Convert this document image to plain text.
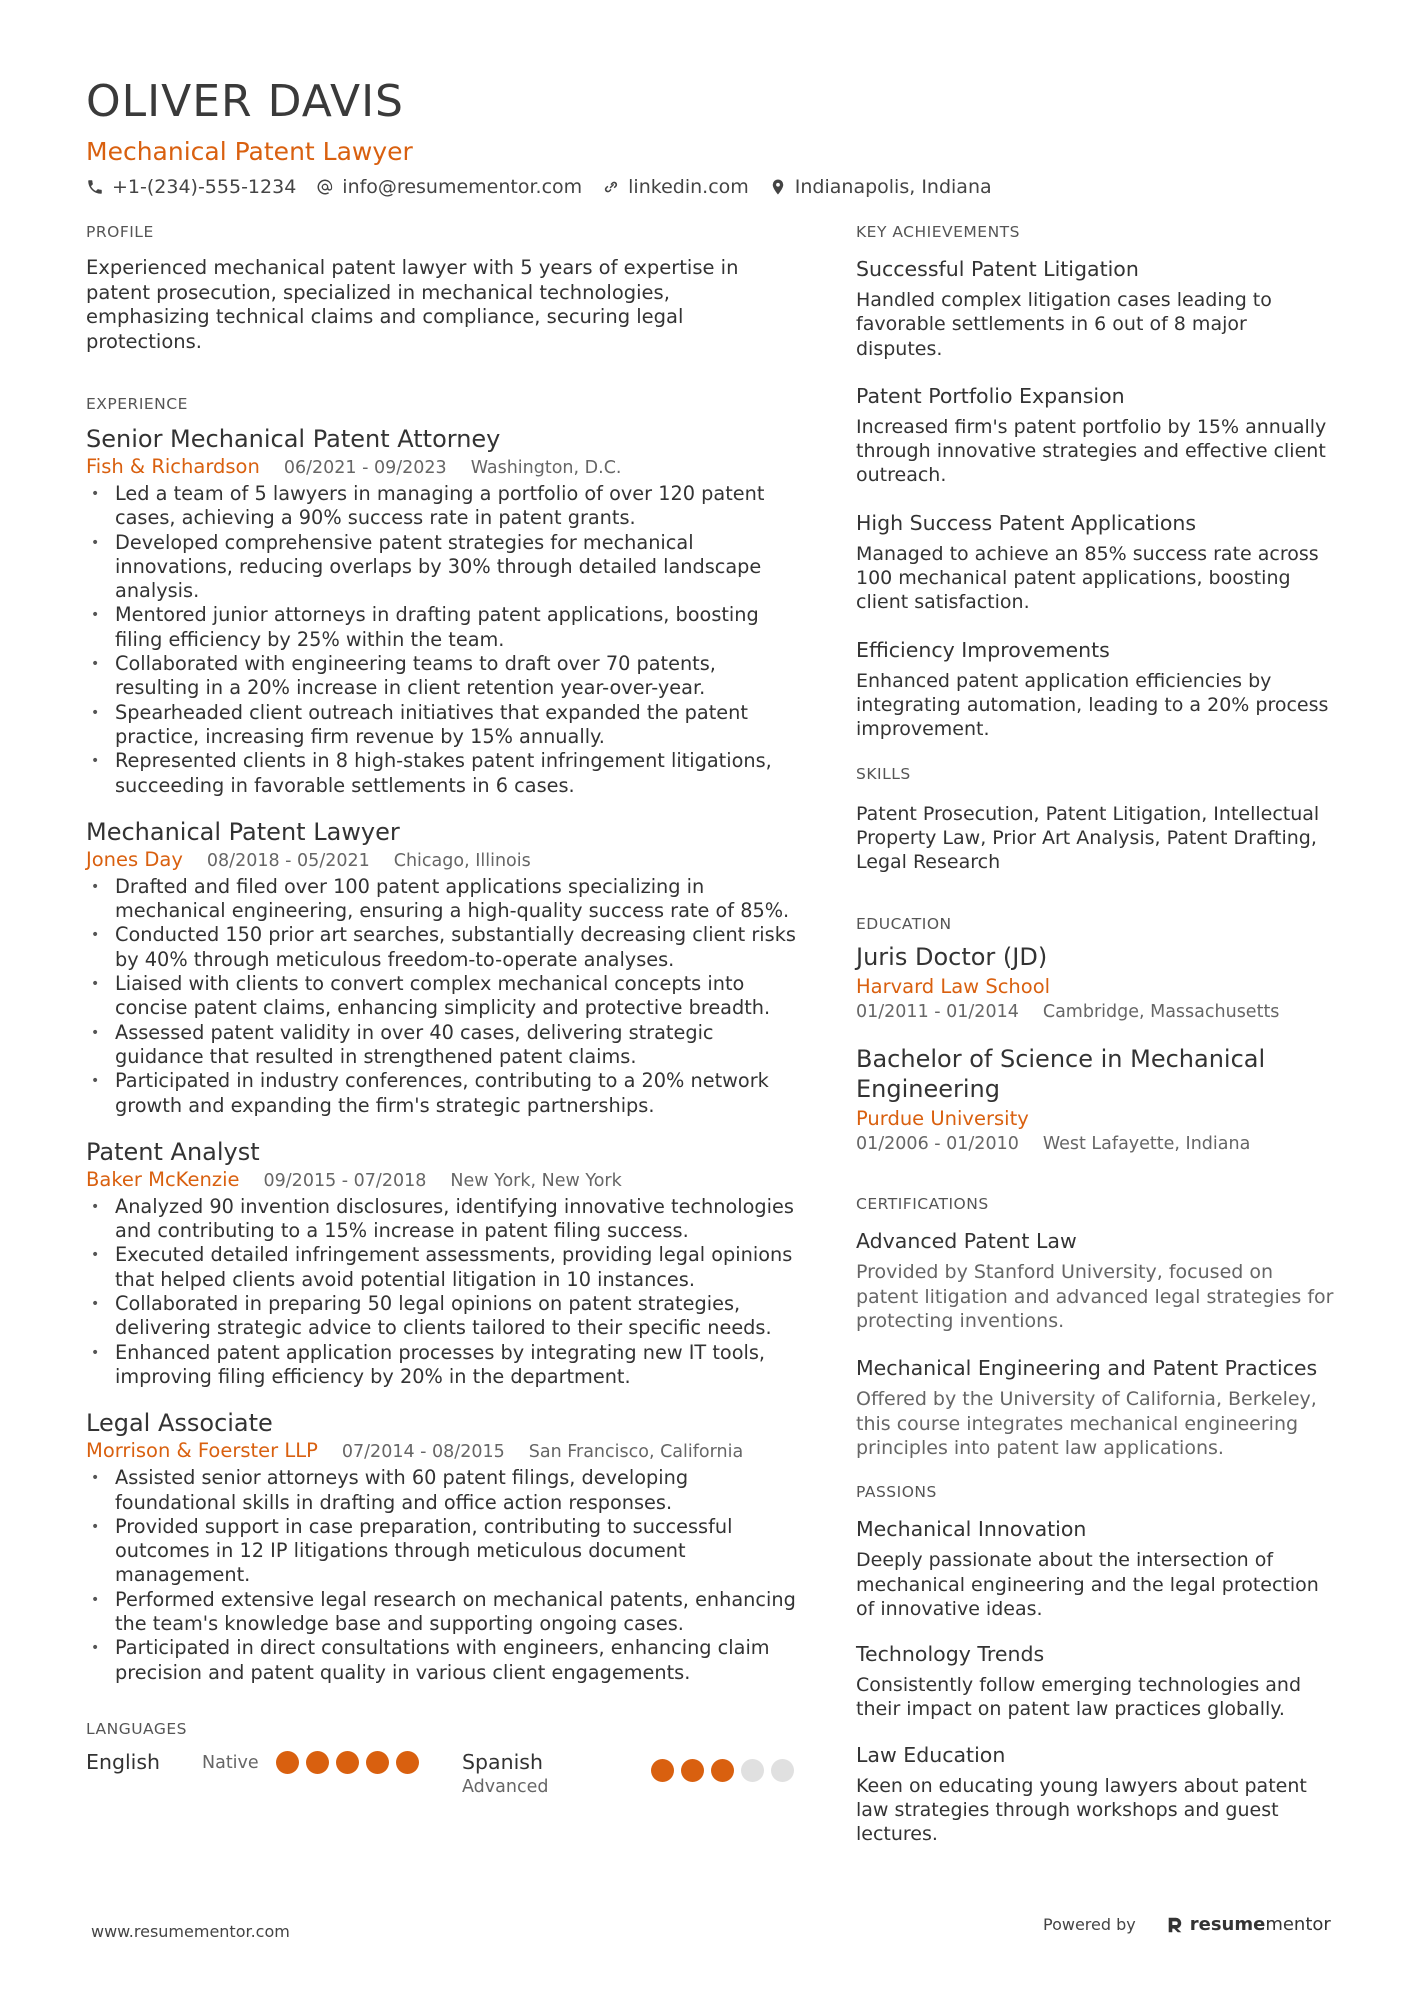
OLIVER DAVIS
Mechanical Patent Lawyer
+1-(234)-555-1234 info@resumementor.com linkedin.com Indianapolis, Indiana
PROFILE

Experienced mechanical patent lawyer with 5 years of expertise in patent prosecution, specialized in mechanical technologies, emphasizing technical claims and compliance, securing legal protections.

EXPERIENCE
Senior Mechanical Patent Attorney
Fish & Richardson 06/2021 - 09/2023 Washington, D.C.
• Led a team of 5 lawyers in managing a portfolio of over 120 patent cases, achieving a 90% success rate in patent grants.
• Developed comprehensive patent strategies for mechanical innovations, reducing overlaps by 30% through detailed landscape analysis.
• Mentored junior attorneys in drafting patent applications, boosting filing efficiency by 25% within the team.
• Collaborated with engineering teams to draft over 70 patents, resulting in a 20% increase in client retention year-over-year.
• Spearheaded client outreach initiatives that expanded the patent practice, increasing firm revenue by 15% annually.
• Represented clients in 8 high-stakes patent infringement litigations, succeeding in favorable settlements in 6 cases.
Mechanical Patent Lawyer
Jones Day 08/2018 - 05/2021 Chicago, Illinois
• Drafted and filed over 100 patent applications specializing in mechanical engineering, ensuring a high-quality success rate of 85%.
• Conducted 150 prior art searches, substantially decreasing client risks by 40% through meticulous freedom-to-operate analyses.
• Liaised with clients to convert complex mechanical concepts into concise patent claims, enhancing simplicity and protective breadth.
• Assessed patent validity in over 40 cases, delivering strategic guidance that resulted in strengthened patent claims.
• Participated in industry conferences, contributing to a 20% network growth and expanding the firm's strategic partnerships.
Patent Analyst
Baker McKenzie 09/2015 - 07/2018 New York, New York
• Analyzed 90 invention disclosures, identifying innovative technologies and contributing to a 15% increase in patent filing success.
• Executed detailed infringement assessments, providing legal opinions that helped clients avoid potential litigation in 10 instances.
• Collaborated in preparing 50 legal opinions on patent strategies, delivering strategic advice to clients tailored to their specific needs.
• Enhanced patent application processes by integrating new IT tools, improving filing efficiency by 20% in the department.
Legal Associate
Morrison & Foerster LLP 07/2014 - 08/2015 San Francisco, California
• Assisted senior attorneys with 60 patent filings, developing foundational skills in drafting and office action responses.
• Provided support in case preparation, contributing to successful outcomes in 12 IP litigations through meticulous document management.
• Performed extensive legal research on mechanical patents, enhancing the team's knowledge base and supporting ongoing cases.
• Participated in direct consultations with engineers, enhancing claim precision and patent quality in various client engagements.
LANGUAGES
English	Native	Spanish
Advanced
KEY ACHIEVEMENTS
Successful Patent Litigation
Handled complex litigation cases leading to favorable settlements in 6 out of 8 major disputes.
Patent Portfolio Expansion
Increased firm's patent portfolio by 15% annually through innovative strategies and effective client outreach.
High Success Patent Applications
Managed to achieve an 85% success rate across 100 mechanical patent applications, boosting client satisfaction.
Efficiency Improvements
Enhanced patent application efficiencies by integrating automation, leading to a 20% process improvement.
SKILLS

Patent Prosecution, Patent Litigation, Intellectual Property Law, Prior Art Analysis, Patent Drafting, Legal Research

EDUCATION
Juris Doctor (JD)
Harvard Law School
01/2011 - 01/2014 Cambridge, Massachusetts
Bachelor of Science in Mechanical Engineering
Purdue University
01/2006 - 01/2010 West Lafayette, Indiana
CERTIFICATIONS
Advanced Patent Law
Provided by Stanford University, focused on patent litigation and advanced legal strategies for protecting inventions.
Mechanical Engineering and Patent Practices
Offered by the University of California, Berkeley, this course integrates mechanical engineering principles into patent law applications.
PASSIONS
Mechanical Innovation
Deeply passionate about the intersection of mechanical engineering and the legal protection of innovative ideas.
Technology Trends
Consistently follow emerging technologies and their impact on patent law practices globally.
Law Education
Keen on educating young lawyers about patent law strategies through workshops and guest lectures.
www.resumementor.com	Powered by	resume mentor
